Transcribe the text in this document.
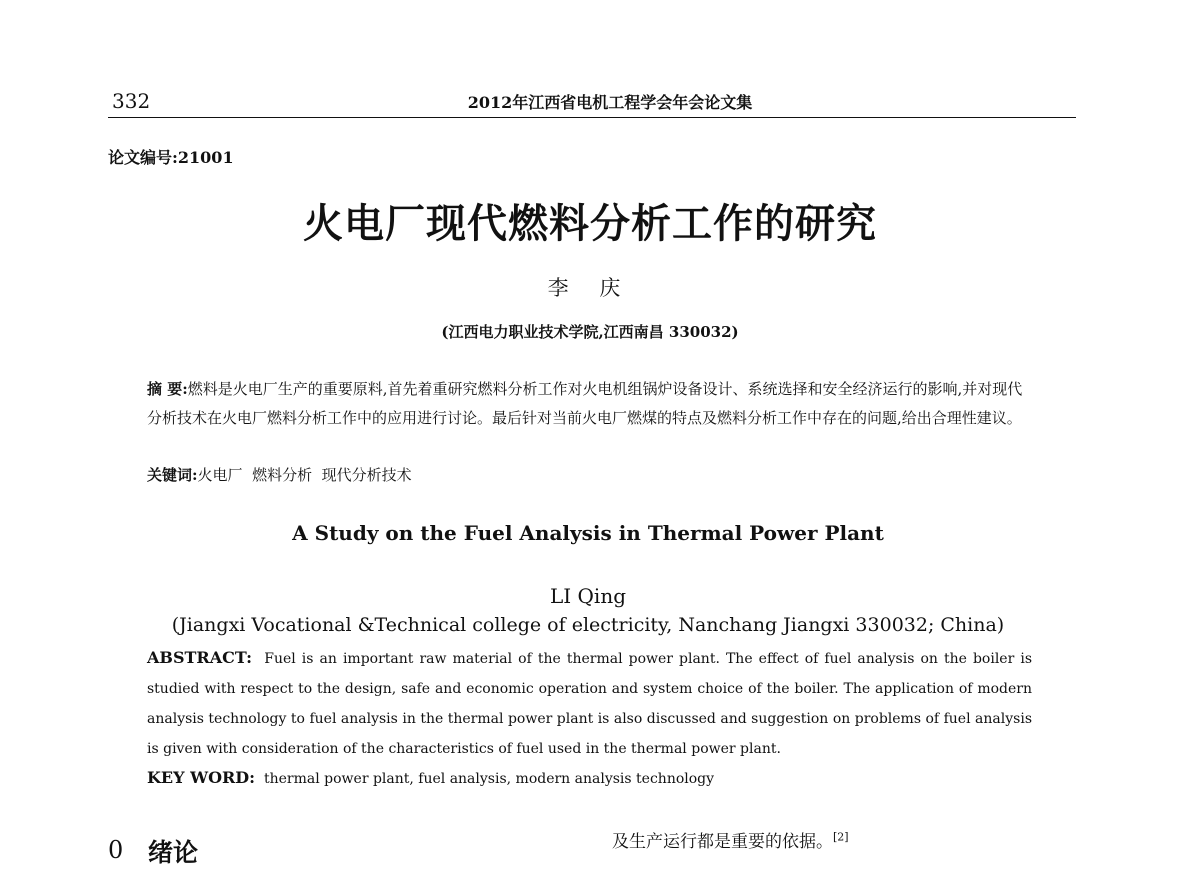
332	2012年江西省电机工程学会年会论文集
论文编号:21001
火电厂现代燃料分析工作的研究
李 庆
(江西电力职业技术学院,江西南昌 330032)

摘 要:燃料是火电厂生产的重要原料,首先着重研究燃料分析工作对火电机组锅炉设备设计、系统选择和安全经济运行的影响,并对现代分析技术在火电厂燃料分析工作中的应用进行讨论。最后针对当前火电厂燃煤的特点及燃料分析工作中存在的问题,给出合理性建议。

关键词:火电厂  燃料分析  现代分析技术

A Study on the Fuel Analysis in Thermal Power Plant
LI Qing
(Jiangxi Vocational &Technical college of electricity, Nanchang Jiangxi 330032; China)

ABSTRACT: Fuel is an important raw material of the thermal power plant. The effect of fuel analysis on the boiler is studied with respect to the design, safe and economic operation and system choice of the boiler. The application of modern analysis technology to fuel analysis in the thermal power plant is also discussed and suggestion on problems of fuel analysis is given with consideration of the characteristics of fuel used in the thermal power plant.

KEY WORD: thermal power plant, fuel analysis, modern analysis technology

0 绪论	及生产运行都是重要的依据。[2]
